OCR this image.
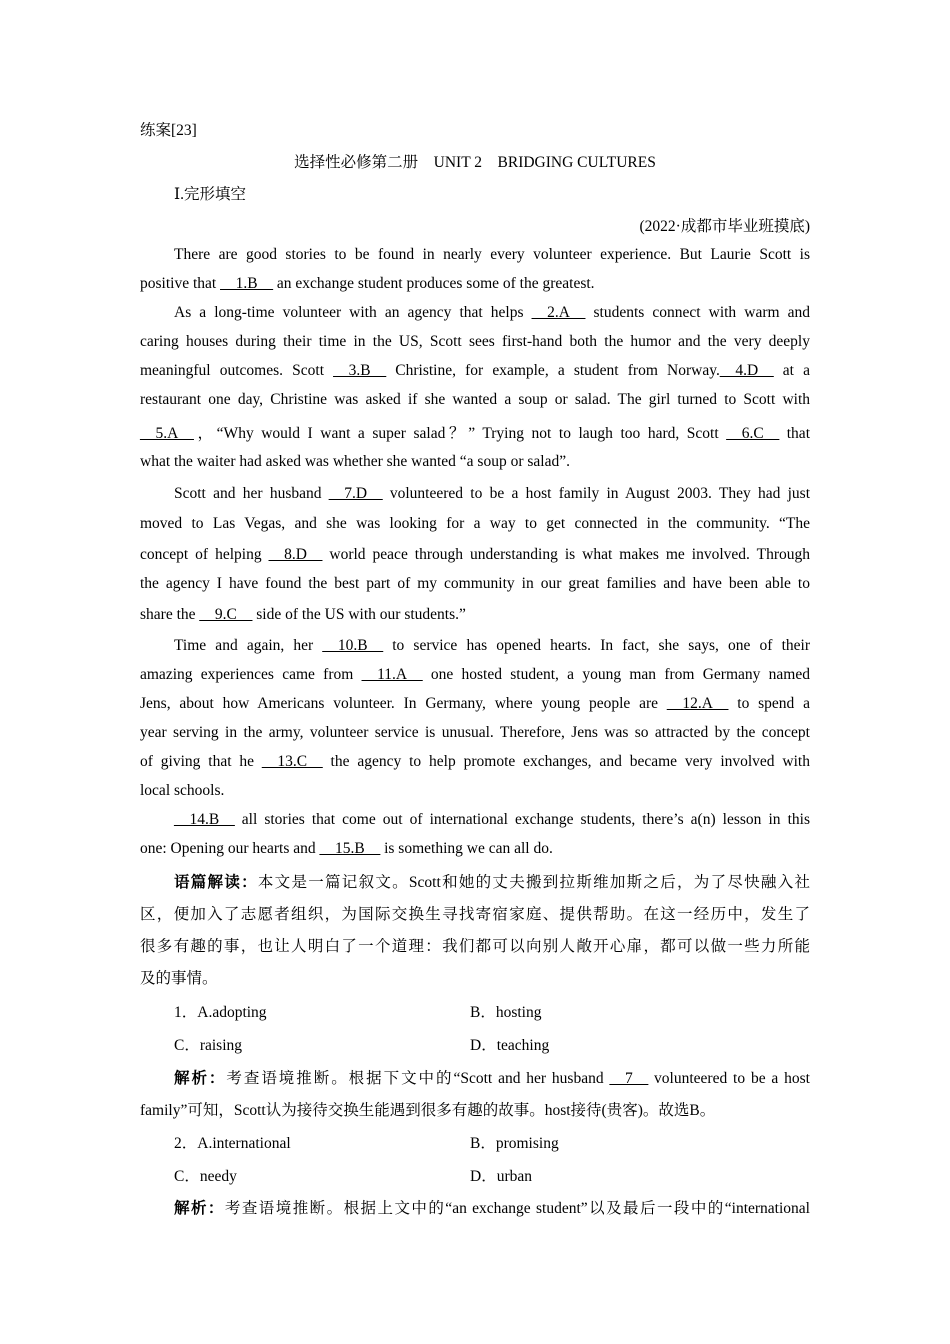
练案[23]
选择性必修第二册　UNIT 2　BRIDGING CULTURES
Ⅰ.完形填空
(2022·成都市毕业班摸底)
There are good stories to be found in nearly every volunteer experience. But Laurie Scott is
positive that __1.B__ an exchange student produces some of the greatest.
As a long-time volunteer with an agency that helps __2.A__ students connect with warm and
caring houses during their time in the US, Scott sees first-hand both the humor and the very deeply
meaningful outcomes. Scott __3.B__ Christine, for example, a student from Norway.__4.D__ at a
restaurant one day, Christine was asked if she wanted a soup or salad. The girl turned to Scott with
__5.A__，“Why would I want a super salad？” Trying not to laugh too hard, Scott __6.C__ that
what the waiter had asked was whether she wanted “a soup or salad”.
Scott and her husband __7.D__ volunteered to be a host family in August 2003. They had just
moved to Las Vegas, and she was looking for a way to get connected in the community. “The
concept of helping __8.D__ world peace through understanding is what makes me involved. Through
the agency I have found the best part of my community in our great families and have been able to
share the __9.C__ side of the US with our students.”
Time and again, her __10.B__ to service has opened hearts. In fact, she says, one of their
amazing experiences came from __11.A__ one hosted student, a young man from Germany named
Jens, about how Americans volunteer. In Germany, where young people are __12.A__ to spend a
year serving in the army, volunteer service is unusual. Therefore, Jens was so attracted by the concept
of giving that he __13.C__ the agency to help promote exchanges, and became very involved with
local schools.
__14.B__ all stories that come out of international exchange students, there’s a(n) lesson in this
one: Opening our hearts and __15.B__ is something we can all do.
语篇解读：本文是一篇记叙文。Scott和她的丈夫搬到拉斯维加斯之后，为了尽快融入社
区，便加入了志愿者组织，为国际交换生寻找寄宿家庭、提供帮助。在这一经历中，发生了
很多有趣的事，也让人明白了一个道理：我们都可以向别人敞开心扉，都可以做一些力所能
及的事情。
1．A.adopting	B．hosting
C．raising	D．teaching
解析：考查语境推断。根据下文中的“Scott and her husband __7__ volunteered to be a host
family”可知，Scott认为接待交换生能遇到很多有趣的故事。host接待(贵客)。故选B。
2．A.international	B．promising
C．needy	D．urban
解析：考查语境推断。根据上文中的“an exchange student”以及最后一段中的“international
